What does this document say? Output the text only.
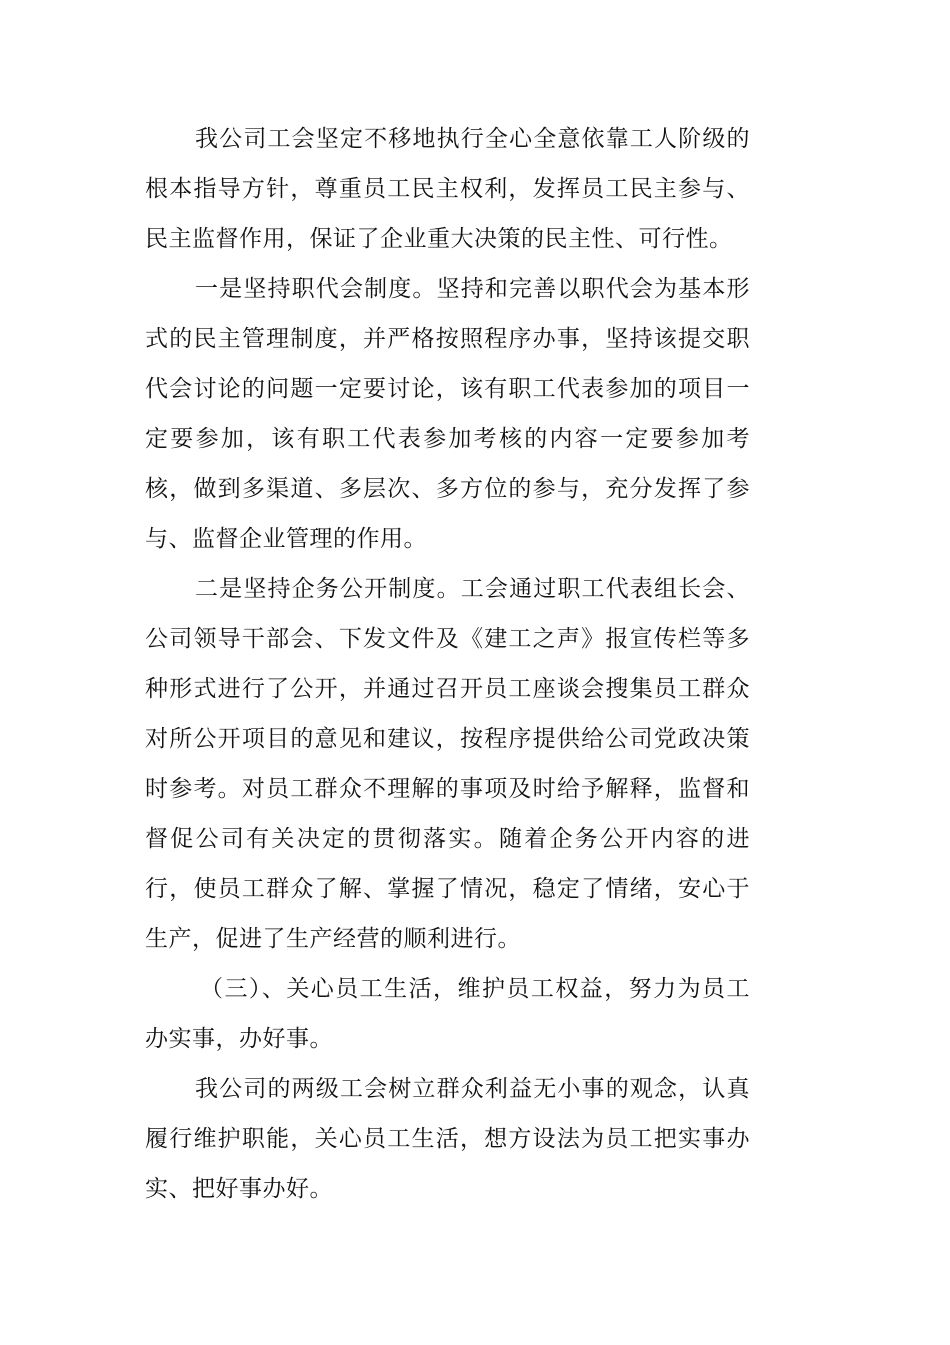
我公司工会坚定不移地执行全心全意依靠工人阶级的根本指导方针，尊重员工民主权利，发挥员工民主参与、民主监督作用，保证了企业重大决策的民主性、可行性。

一是坚持职代会制度。坚持和完善以职代会为基本形式的民主管理制度，并严格按照程序办事，坚持该提交职代会讨论的问题一定要讨论，该有职工代表参加的项目一定要参加，该有职工代表参加考核的内容一定要参加考核，做到多渠道、多层次、多方位的参与，充分发挥了参与、监督企业管理的作用。

二是坚持企务公开制度。工会通过职工代表组长会、公司领导干部会、下发文件及《建工之声》报宣传栏等多种形式进行了公开，并通过召开员工座谈会搜集员工群众对所公开项目的意见和建议，按程序提供给公司党政决策时参考。对员工群众不理解的事项及时给予解释，监督和督促公司有关决定的贯彻落实。随着企务公开内容的进行，使员工群众了解、掌握了情况，稳定了情绪，安心于生产，促进了生产经营的顺利进行。

（三）、关心员工生活，维护员工权益，努力为员工办实事，办好事。

我公司的两级工会树立群众利益无小事的观念，认真履行维护职能，关心员工生活，想方设法为员工把实事办实、把好事办好。
